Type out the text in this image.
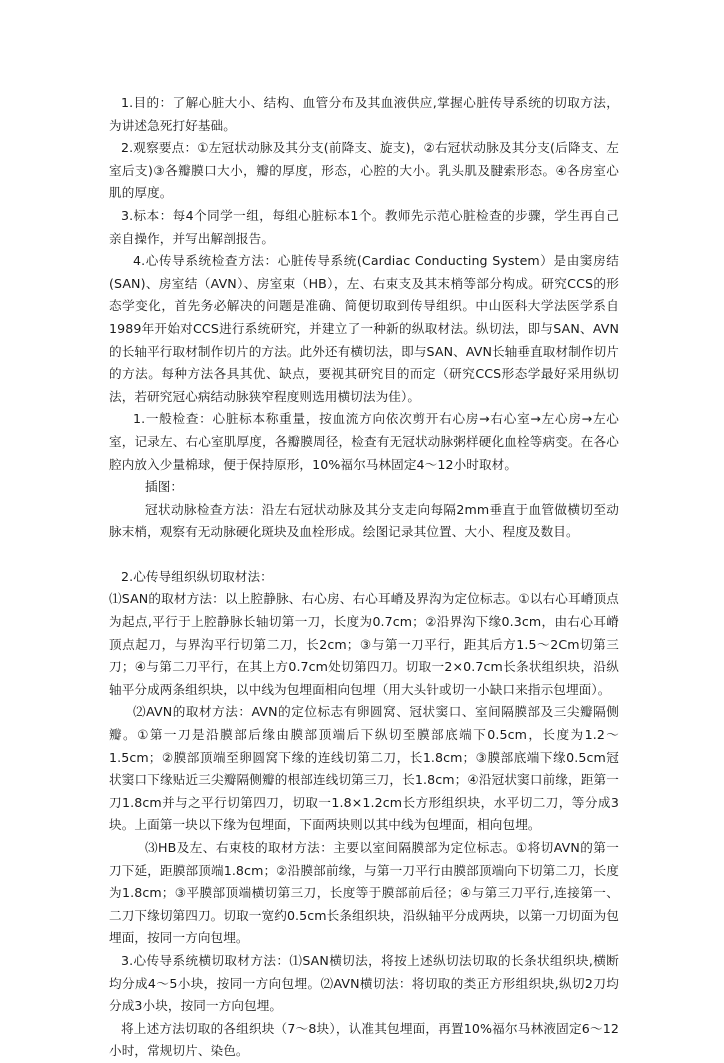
1.目的：了解心脏大小、结构、血管分布及其血液供应,掌握心脏传导系统的切取方法，为讲述急死打好基础。

2.观察要点：①左冠状动脉及其分支(前降支、旋支)，②右冠状动脉及其分支(后降支、左室后支)③各瓣膜口大小，瓣的厚度，形态，心腔的大小。乳头肌及腱索形态。④各房室心肌的厚度。

3.标本：每4个同学一组，每组心脏标本1个。教师先示范心脏检查的步骤，学生再自己亲自操作，并写出解剖报告。

4.心传导系统检查方法：心脏传导系统(Cardiac Conducting System）是由窦房结(SAN)、房室结（AVN）、房室束（HB），左、右束支及其末梢等部分构成。研究CCS的形态学变化，首先务必解决的问题是准确、简便切取到传导组织。中山医科大学法医学系自1989年开始对CCS进行系统研究，并建立了一种新的纵取材法。纵切法，即与SAN、AVN的长轴平行取材制作切片的方法。此外还有横切法，即与SAN、AVN长轴垂直取材制作切片的方法。每种方法各具其优、缺点，要视其研究目的而定（研究CCS形态学最好采用纵切法，若研究冠心病结动脉狭窄程度则选用横切法为佳）。

1.一般检查：心脏标本称重量，按血流方向依次剪开右心房→右心室→左心房→左心室，记录左、右心室肌厚度，各瓣膜周径，检查有无冠状动脉粥样硬化血栓等病变。在各心腔内放入少量棉球，便于保持原形，10%福尔马林固定4～12小时取材。

插图：

冠状动脉检查方法：沿左右冠状动脉及其分支走向每隔2mm垂直于血管做横切至动脉末梢，观察有无动脉硬化斑块及血栓形成。绘图记录其位置、大小、程度及数目。

2.心传导组织纵切取材法：

⑴SAN的取材方法：以上腔静脉、右心房、右心耳嵴及界沟为定位标志。①以右心耳嵴顶点为起点,平行于上腔静脉长轴切第一刀，长度为0.7cm；②沿界沟下缘0.3cm，由右心耳嵴顶点起刀，与界沟平行切第二刀，长2cm；③与第一刀平行，距其后方1.5～2Cm切第三刀；④与第二刀平行，在其上方0.7cm处切第四刀。切取一2×0.7cm长条状组织块，沿纵轴平分成两条组织块，以中线为包埋面相向包埋（用大头针或切一小缺口来指示包埋面）。

⑵AVN的取材方法：AVN的定位标志有卵圆窝、冠状窦口、室间隔膜部及三尖瓣隔侧瓣。①第一刀是沿膜部后缘由膜部顶端后下纵切至膜部底端下0.5cm，长度为1.2～1.5cm；②膜部顶端至卵圆窝下缘的连线切第二刀，长1.8cm；③膜部底端下缘0.5cm冠状窦口下缘贴近三尖瓣隔侧瓣的根部连线切第三刀，长1.8cm；④沿冠状窦口前缘，距第一刀1.8cm并与之平行切第四刀，切取一1.8×1.2cm长方形组织块，水平切二刀，等分成3块。上面第一块以下缘为包埋面，下面两块则以其中线为包埋面，相向包埋。

⑶HB及左、右束枝的取材方法：主要以室间隔膜部为定位标志。①将切AVN的第一刀下延，距膜部顶端1.8cm；②沿膜部前缘，与第一刀平行由膜部顶端向下切第二刀，长度为1.8cm；③平膜部顶端横切第三刀，长度等于膜部前后径；④与第三刀平行,连接第一、二刀下缘切第四刀。切取一宽约0.5cm长条组织块，沿纵轴平分成两块，以第一刀切面为包埋面，按同一方向包埋。

3.心传导系统横切取材方法：⑴SAN横切法，将按上述纵切法切取的长条状组织块,横断均分成4～5小块，按同一方向包埋。⑵AVN横切法：将切取的类正方形组织块,纵切2刀均分成3小块，按同一方向包埋。

将上述方法切取的各组织块（7～8块），认准其包埋面，再置10%福尔马林液固定6～12小时，常规切片、染色。
